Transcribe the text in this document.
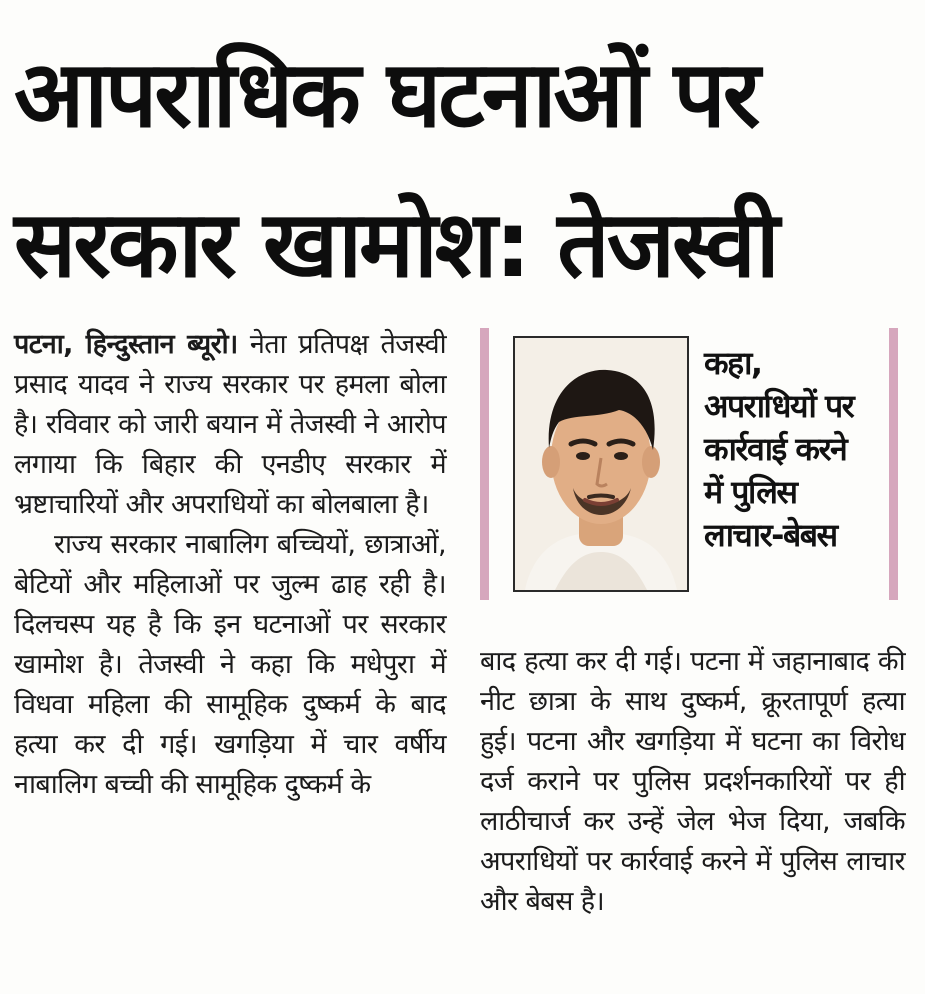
आपराधिक घटनाओं पर
सरकार खामोश: तेजस्वी

पटना, हिन्दुस्तान ब्यूरो। नेता प्रतिपक्ष तेजस्वी प्रसाद यादव ने राज्य सरकार पर हमला बोला है। रविवार को जारी बयान में तेजस्वी ने आरोप लगाया कि बिहार की एनडीए सरकार में भ्रष्टाचारियों और अपराधियों का बोलबाला है।

राज्य सरकार नाबालिग बच्चियों, छात्राओं, बेटियों और महिलाओं पर जुल्म ढाह रही है। दिलचस्प यह है कि इन घटनाओं पर सरकार खामोश है। तेजस्वी ने कहा कि मधेपुरा में विधवा महिला की सामूहिक दुष्कर्म के बाद हत्या कर दी गई। खगड़िया में चार वर्षीय नाबालिग बच्ची की सामूहिक दुष्कर्म के

कहा,
अपराधियों पर
कार्रवाई करने
में पुलिस
लाचार-बेबस

बाद हत्या कर दी गई। पटना में जहानाबाद की नीट छात्रा के साथ दुष्कर्म, क्रूरतापूर्ण हत्या हुई। पटना और खगड़िया में घटना का विरोध दर्ज कराने पर पुलिस प्रदर्शनकारियों पर ही लाठीचार्ज कर उन्हें जेल भेज दिया, जबकि अपराधियों पर कार्रवाई करने में पुलिस लाचार और बेबस है।
